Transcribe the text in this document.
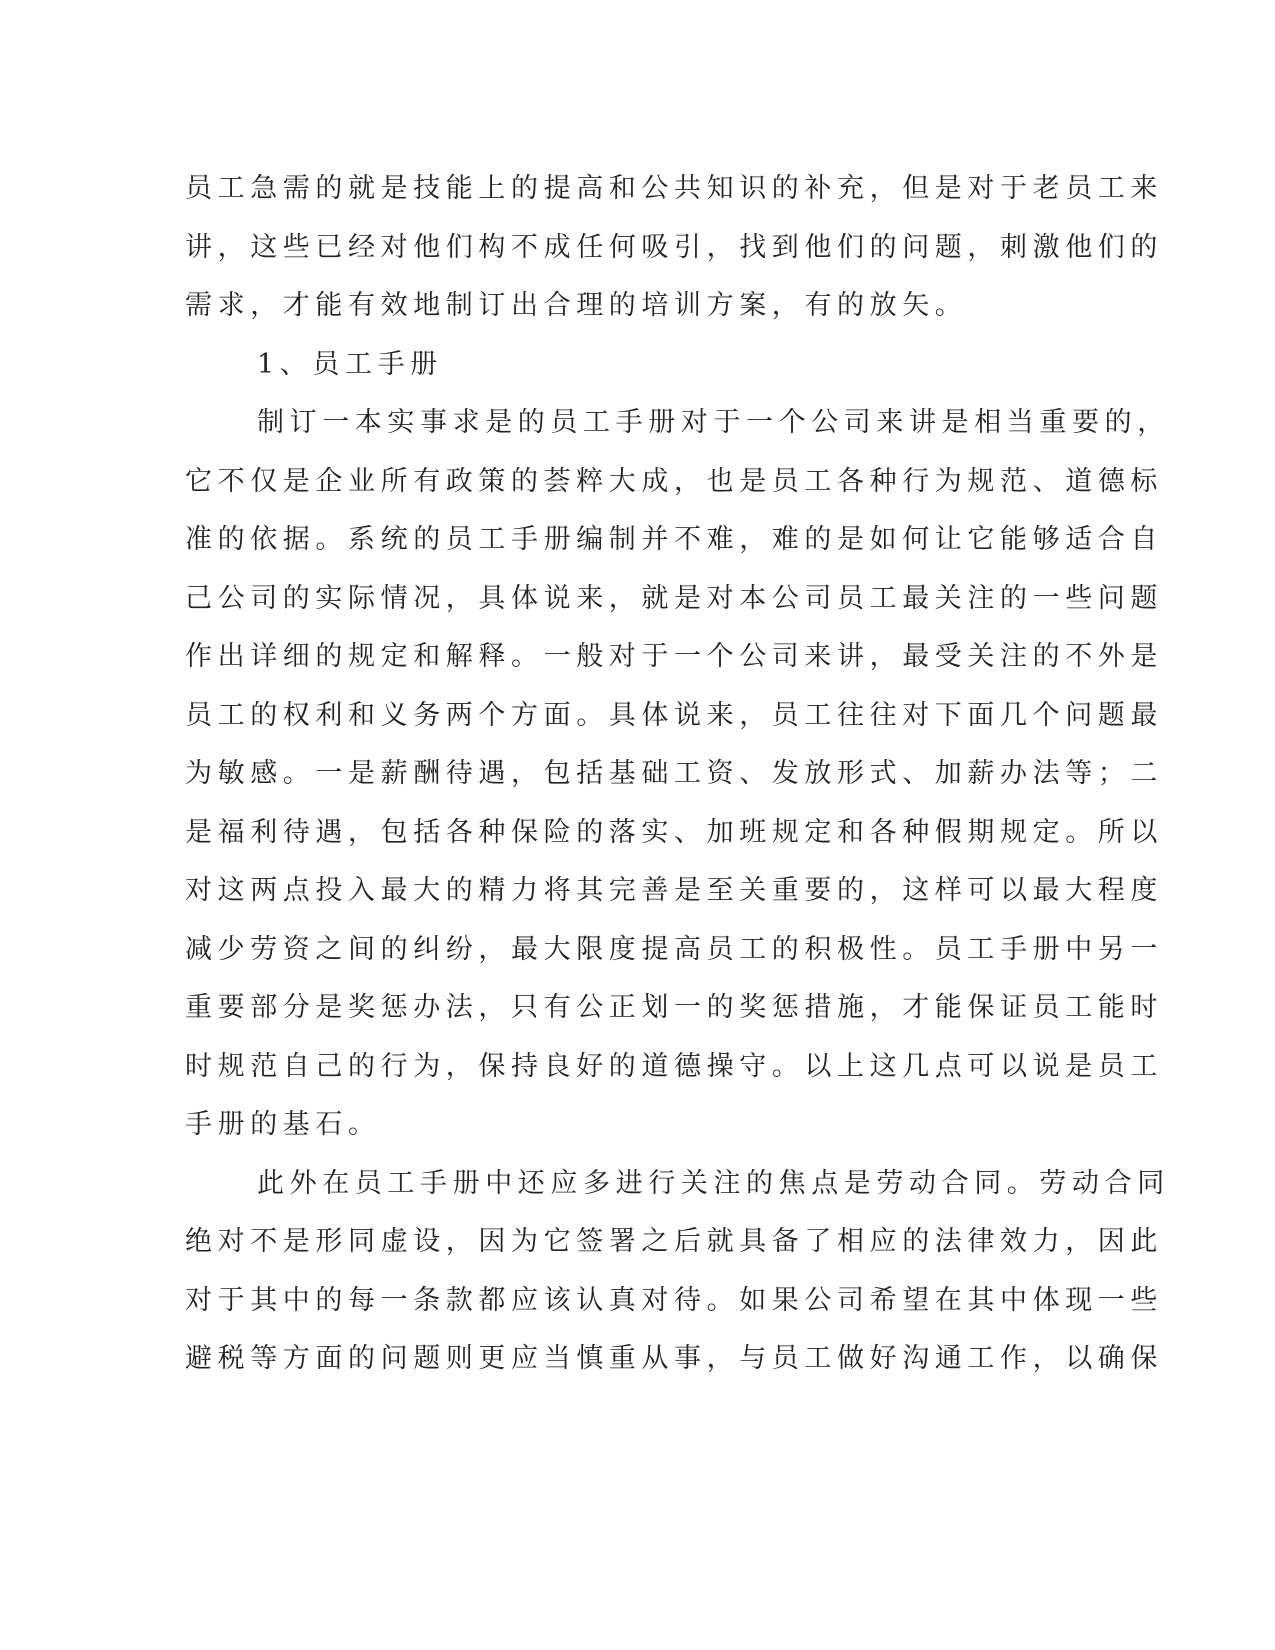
员工急需的就是技能上的提高和公共知识的补充，但是对于老员工来
讲，这些已经对他们构不成任何吸引，找到他们的问题，刺激他们的
需求，才能有效地制订出合理的培训方案，有的放矢。
1、员工手册
制订一本实事求是的员工手册对于一个公司来讲是相当重要的，
它不仅是企业所有政策的荟粹大成，也是员工各种行为规范、道德标
准的依据。系统的员工手册编制并不难，难的是如何让它能够适合自
己公司的实际情况，具体说来，就是对本公司员工最关注的一些问题
作出详细的规定和解释。一般对于一个公司来讲，最受关注的不外是
员工的权利和义务两个方面。具体说来，员工往往对下面几个问题最
为敏感。一是薪酬待遇，包括基础工资、发放形式、加薪办法等；二
是福利待遇，包括各种保险的落实、加班规定和各种假期规定。所以
对这两点投入最大的精力将其完善是至关重要的，这样可以最大程度
减少劳资之间的纠纷，最大限度提高员工的积极性。员工手册中另一
重要部分是奖惩办法，只有公正划一的奖惩措施，才能保证员工能时
时规范自己的行为，保持良好的道德操守。以上这几点可以说是员工
手册的基石。
此外在员工手册中还应多进行关注的焦点是劳动合同。劳动合同
绝对不是形同虚设，因为它签署之后就具备了相应的法律效力，因此
对于其中的每一条款都应该认真对待。如果公司希望在其中体现一些
避税等方面的问题则更应当慎重从事，与员工做好沟通工作，以确保
